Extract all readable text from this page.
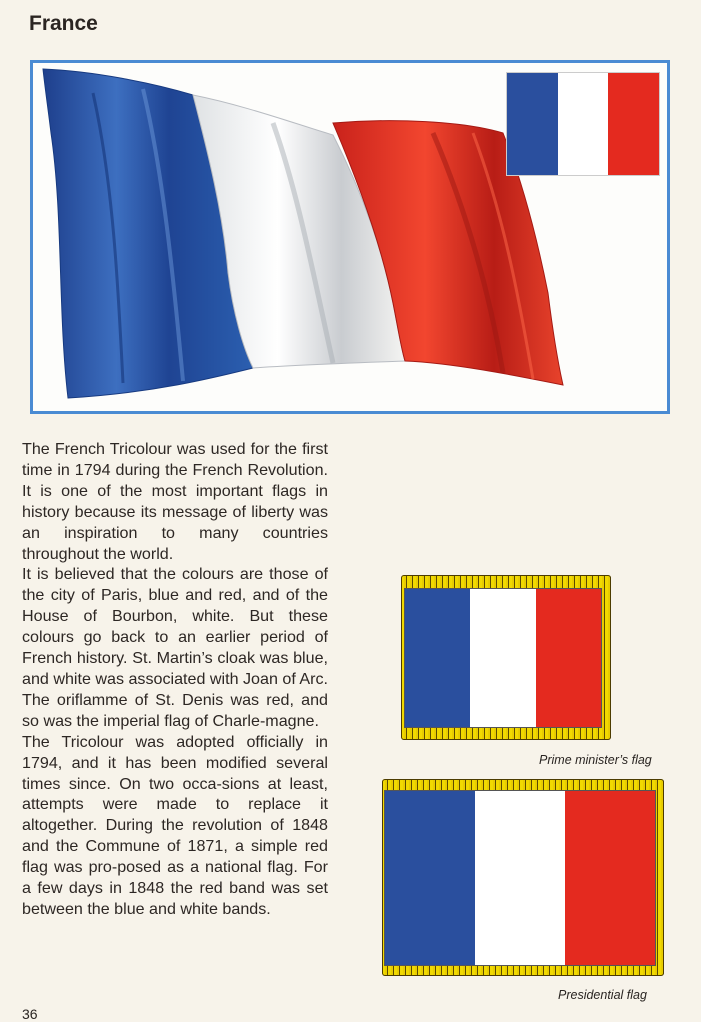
France

The French Tricolour was used for the first time in 1794 during the French Revolution. It is one of the most important flags in history because its message of liberty was an inspiration to many countries throughout the world.

It is believed that the colours are those of the city of Paris, blue and red, and of the House of Bourbon, white. But these colours go back to an earlier period of French history. St. Martin’s cloak was blue, and white was associated with Joan of Arc. The oriflamme of St. Denis was red, and so was the imperial flag of Charle-magne.

The Tricolour was adopted officially in 1794, and it has been modified several times since. On two occa-sions at least, attempts were made to replace it altogether. During the revolution of 1848 and the Commune of 1871, a simple red flag was pro-posed as a national flag. For a few days in 1848 the red band was set between the blue and white bands.

Prime minister’s flag
Presidential flag
36
